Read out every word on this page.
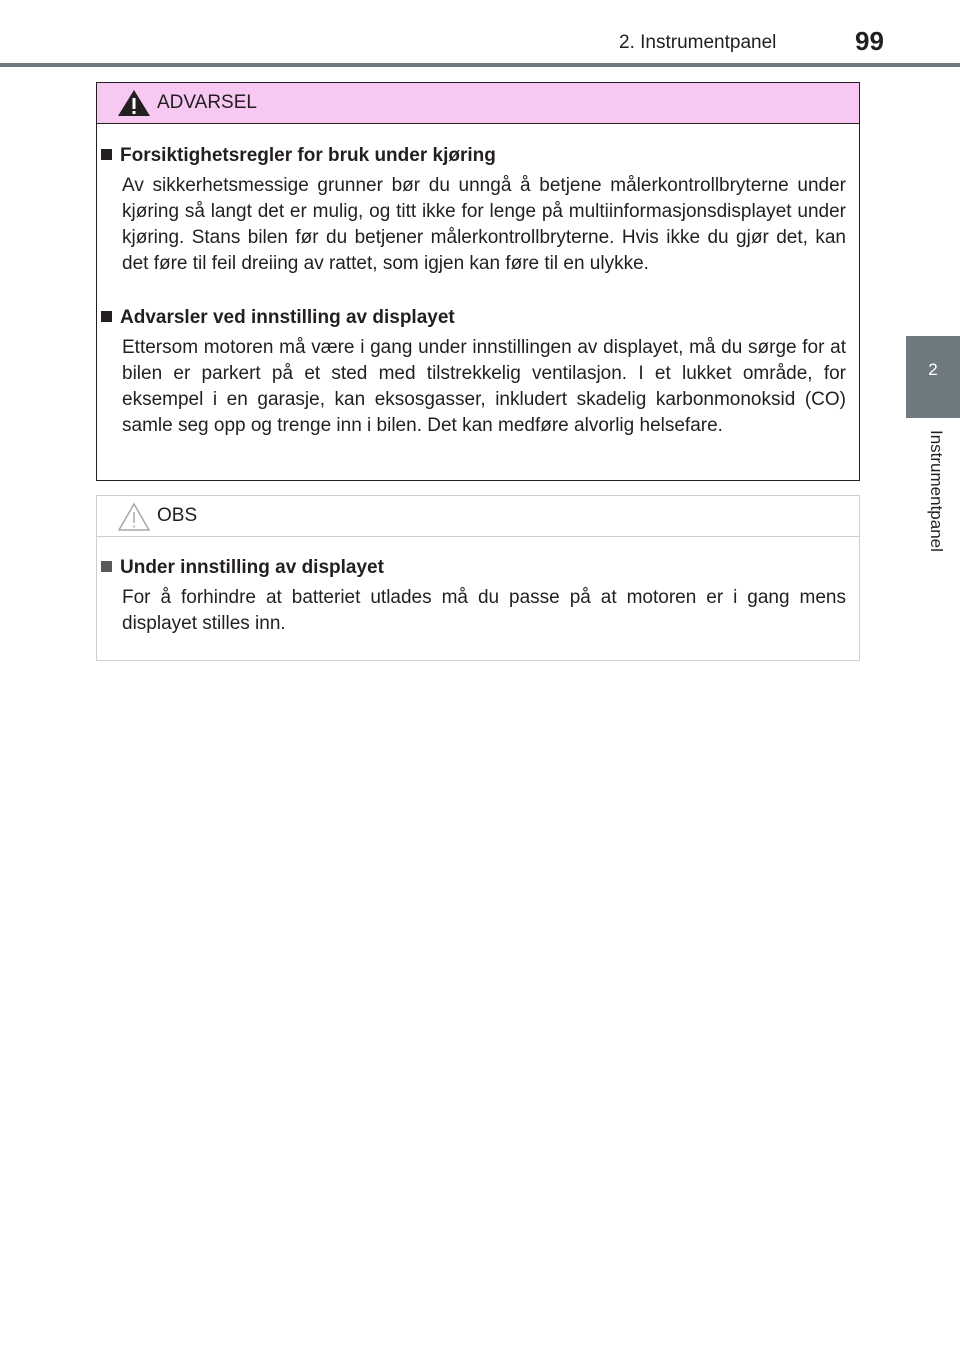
2. Instrumentpanel	99
2
Instrumentpanel
ADVARSEL
Forsiktighetsregler for bruk under kjøring
Av sikkerhetsmessige grunner bør du unngå å betjene målerkontrollbryterne under kjøring så langt det er mulig, og titt ikke for lenge på multiinformasjonsdisplayet under kjøring. Stans bilen før du betjener målerkontrollbryterne. Hvis ikke du gjør det, kan det føre til feil dreiing av rattet, som igjen kan føre til en ulykke.
Advarsler ved innstilling av displayet
Ettersom motoren må være i gang under innstillingen av displayet, må du sørge for at bilen er parkert på et sted med tilstrekkelig ventilasjon. I et lukket område, for eksempel i en garasje, kan eksosgasser, inkludert skadelig karbonmonoksid (CO) samle seg opp og trenge inn i bilen. Det kan medføre alvorlig helsefare.
OBS
Under innstilling av displayet
For å forhindre at batteriet utlades må du passe på at motoren er i gang mens displayet stilles inn.
